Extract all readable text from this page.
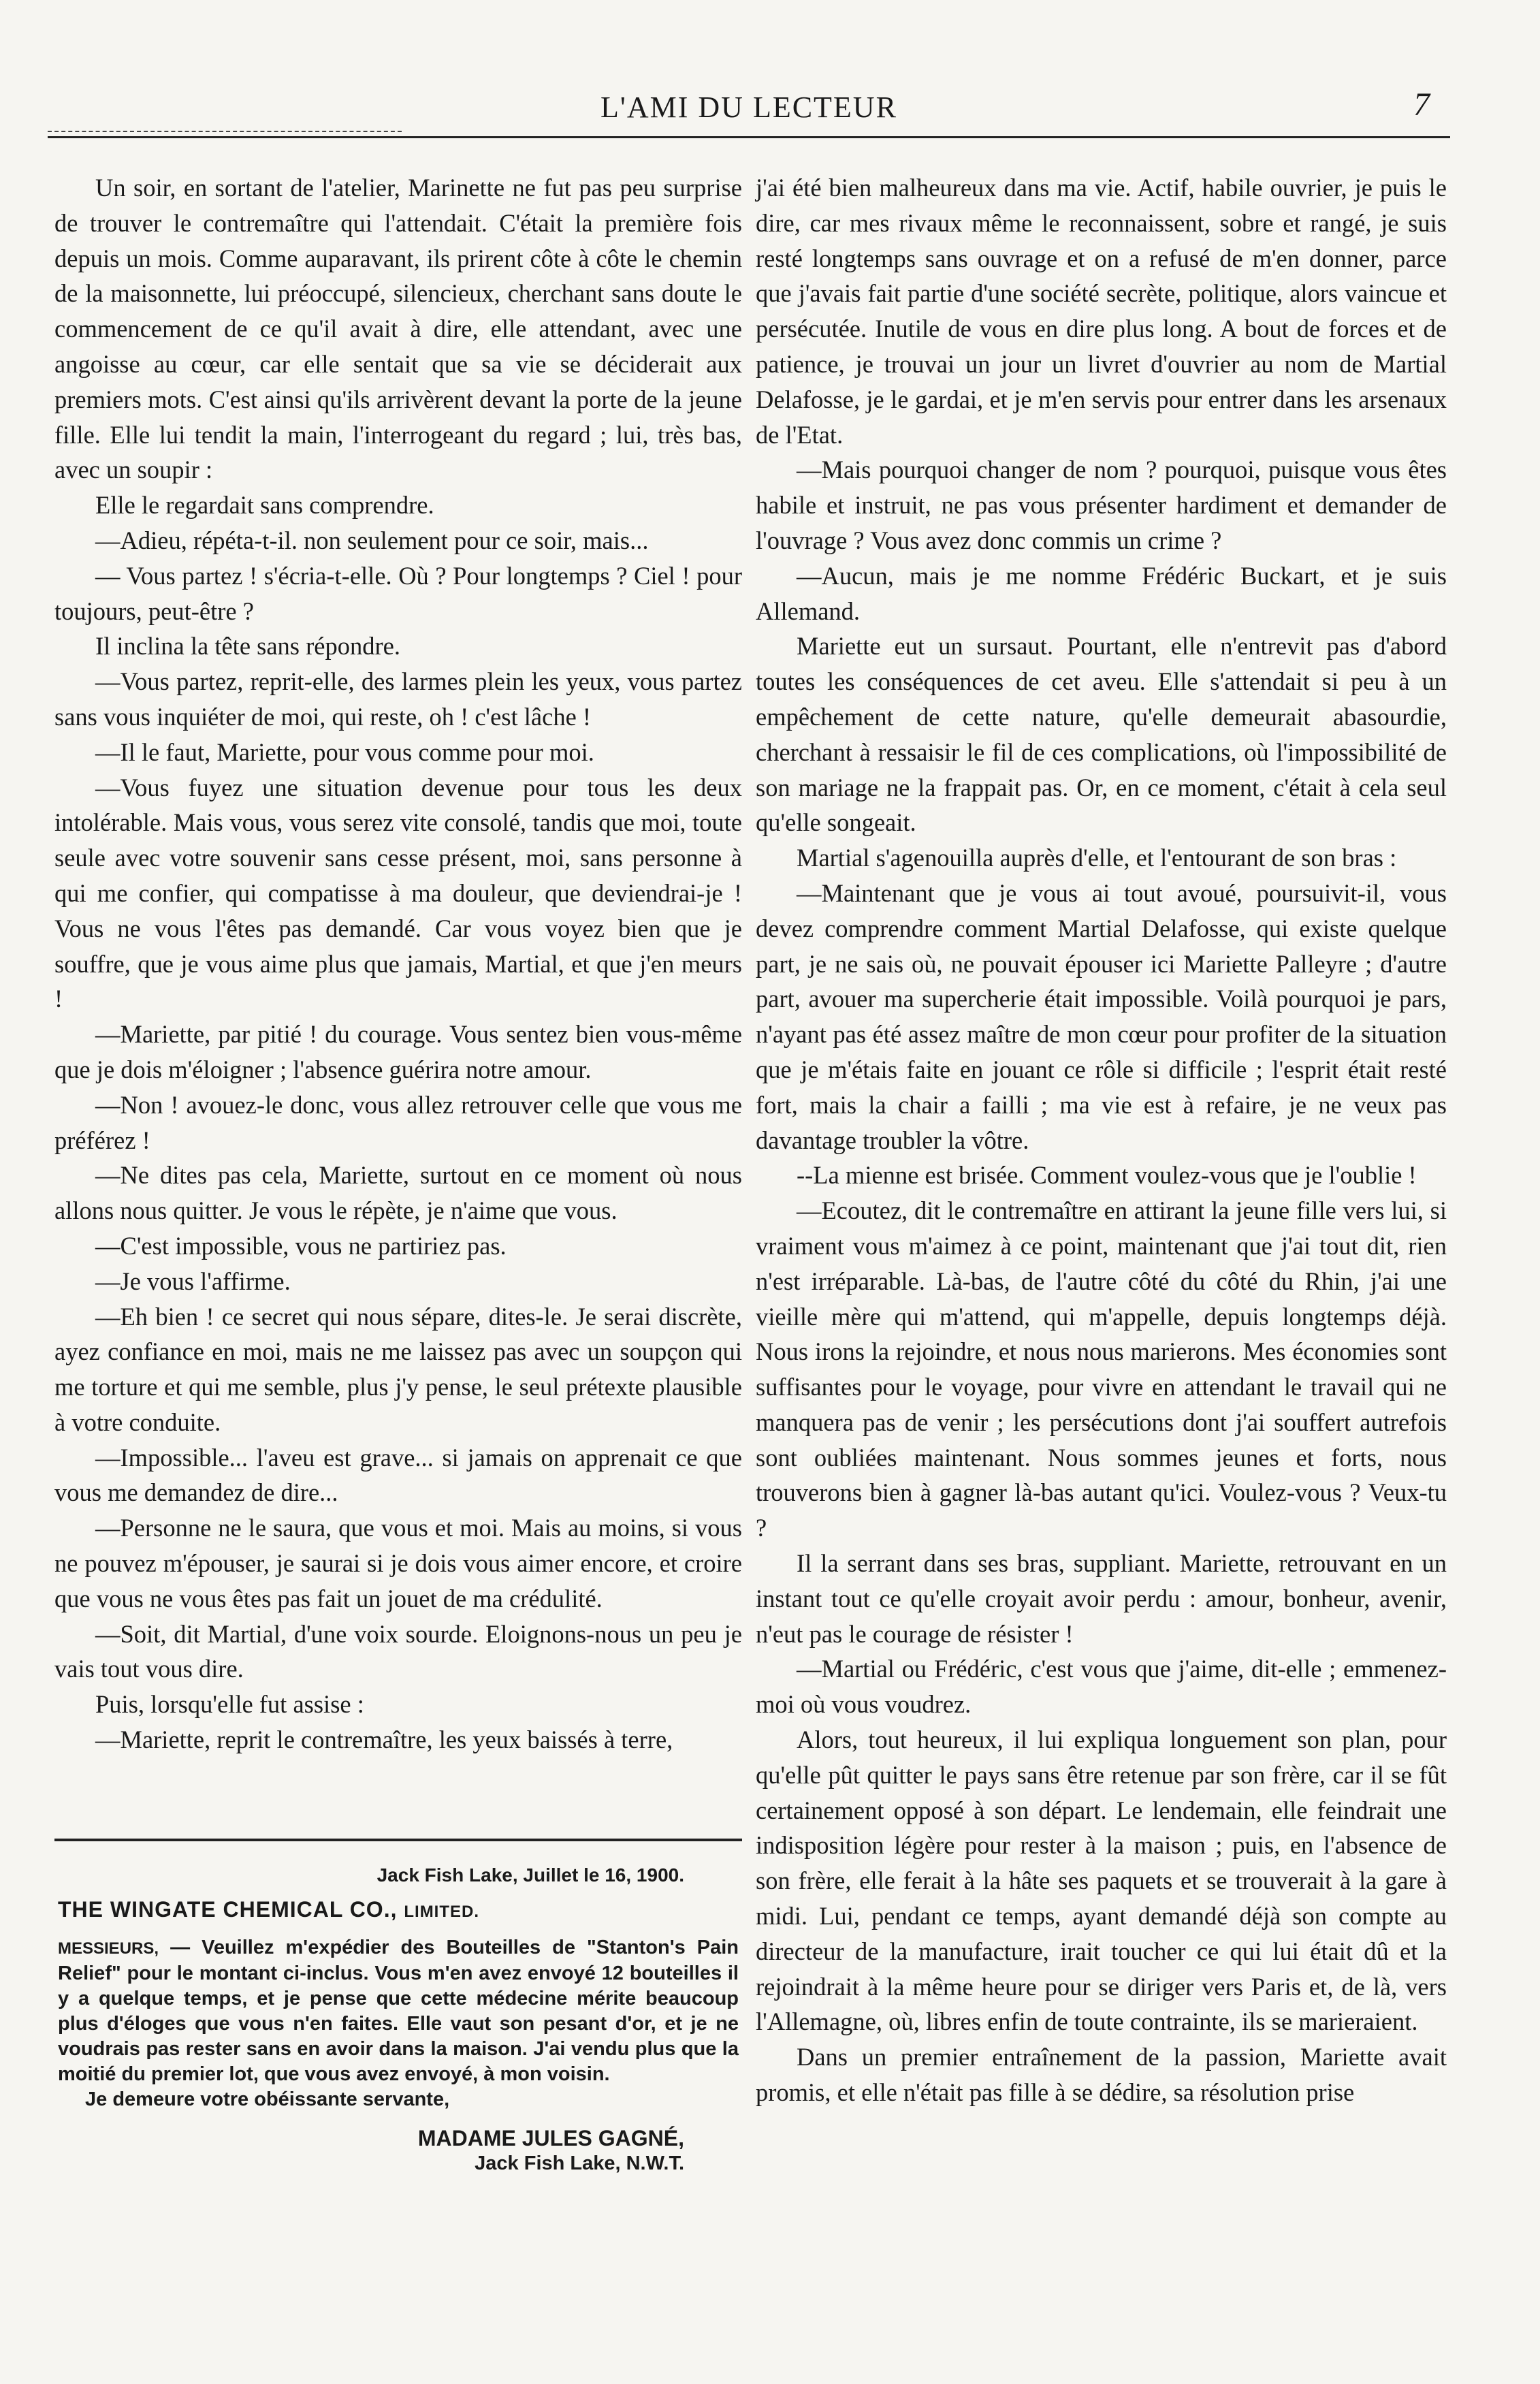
L'AMI DU LECTEUR	7

Un soir, en sortant de l'atelier, Marinette ne fut pas peu surprise de trouver le contremaître qui l'attendait. C'était la première fois depuis un mois. Comme auparavant, ils prirent côte à côte le chemin de la maisonnette, lui préoccupé, silencieux, cherchant sans doute le commencement de ce qu'il avait à dire, elle attendant, avec une angoisse au cœur, car elle sentait que sa vie se déciderait aux premiers mots. C'est ainsi qu'ils arrivèrent devant la porte de la jeune fille. Elle lui tendit la main, l'interrogeant du regard ; lui, très bas, avec un soupir :

Elle le regardait sans comprendre.

—Adieu, répéta-t-il. non seulement pour ce soir, mais...

— Vous partez ! s'écria-t-elle. Où ? Pour longtemps ? Ciel ! pour toujours, peut-être ?

Il inclina la tête sans répondre.

—Vous partez, reprit-elle, des larmes plein les yeux, vous partez sans vous inquiéter de moi, qui reste, oh ! c'est lâche !

—Il le faut, Mariette, pour vous comme pour moi.

—Vous fuyez une situation devenue pour tous les deux intolérable. Mais vous, vous serez vite consolé, tandis que moi, toute seule avec votre souvenir sans cesse présent, moi, sans personne à qui me confier, qui compatisse à ma douleur, que deviendrai-je ! Vous ne vous l'êtes pas demandé. Car vous voyez bien que je souffre, que je vous aime plus que jamais, Martial, et que j'en meurs !

—Mariette, par pitié ! du courage. Vous sentez bien vous-même que je dois m'éloigner ; l'absence guérira notre amour.

—Non ! avouez-le donc, vous allez retrouver celle que vous me préférez !

—Ne dites pas cela, Mariette, surtout en ce moment où nous allons nous quitter. Je vous le répète, je n'aime que vous.

—C'est impossible, vous ne partiriez pas.

—Je vous l'affirme.

—Eh bien ! ce secret qui nous sépare, dites-le. Je serai discrète, ayez confiance en moi, mais ne me laissez pas avec un soupçon qui me torture et qui me semble, plus j'y pense, le seul prétexte plausible à votre conduite.

—Impossible... l'aveu est grave... si jamais on apprenait ce que vous me demandez de dire...

—Personne ne le saura, que vous et moi. Mais au moins, si vous ne pouvez m'épouser, je saurai si je dois vous aimer encore, et croire que vous ne vous êtes pas fait un jouet de ma crédulité.

—Soit, dit Martial, d'une voix sourde. Eloignons-nous un peu je vais tout vous dire.

Puis, lorsqu'elle fut assise :

—Mariette, reprit le contremaître, les yeux baissés à terre,

j'ai été bien malheureux dans ma vie. Actif, habile ouvrier, je puis le dire, car mes rivaux même le reconnaissent, sobre et rangé, je suis resté longtemps sans ouvrage et on a refusé de m'en donner, parce que j'avais fait partie d'une société secrète, politique, alors vaincue et persécutée. Inutile de vous en dire plus long. A bout de forces et de patience, je trouvai un jour un livret d'ouvrier au nom de Martial Delafosse, je le gardai, et je m'en servis pour entrer dans les arsenaux de l'Etat.

—Mais pourquoi changer de nom ? pourquoi, puisque vous êtes habile et instruit, ne pas vous présenter hardiment et demander de l'ouvrage ? Vous avez donc commis un crime ?

—Aucun, mais je me nomme Frédéric Buckart, et je suis Allemand.

Mariette eut un sursaut. Pourtant, elle n'entrevit pas d'abord toutes les conséquences de cet aveu. Elle s'attendait si peu à un empêchement de cette nature, qu'elle demeurait abasourdie, cherchant à ressaisir le fil de ces complications, où l'impossibilité de son mariage ne la frappait pas. Or, en ce moment, c'était à cela seul qu'elle songeait.

Martial s'agenouilla auprès d'elle, et l'entourant de son bras :

—Maintenant que je vous ai tout avoué, poursuivit-il, vous devez comprendre comment Martial Delafosse, qui existe quelque part, je ne sais où, ne pouvait épouser ici Mariette Palleyre ; d'autre part, avouer ma supercherie était impossible. Voilà pourquoi je pars, n'ayant pas été assez maître de mon cœur pour profiter de la situation que je m'étais faite en jouant ce rôle si difficile ; l'esprit était resté fort, mais la chair a failli ; ma vie est à refaire, je ne veux pas davantage troubler la vôtre.

--La mienne est brisée. Comment voulez-vous que je l'oublie !

—Ecoutez, dit le contremaître en attirant la jeune fille vers lui, si vraiment vous m'aimez à ce point, maintenant que j'ai tout dit, rien n'est irréparable. Là-bas, de l'autre côté du côté du Rhin, j'ai une vieille mère qui m'attend, qui m'appelle, depuis longtemps déjà. Nous irons la rejoindre, et nous nous marierons. Mes économies sont suffisantes pour le voyage, pour vivre en attendant le travail qui ne manquera pas de venir ; les persécutions dont j'ai souffert autrefois sont oubliées maintenant. Nous sommes jeunes et forts, nous trouverons bien à gagner là-bas autant qu'ici. Voulez-vous ? Veux-tu ?

Il la serrant dans ses bras, suppliant. Mariette, retrouvant en un instant tout ce qu'elle croyait avoir perdu : amour, bonheur, avenir, n'eut pas le courage de résister !

—Martial ou Frédéric, c'est vous que j'aime, dit-elle ; emmenez-moi où vous voudrez.

Alors, tout heureux, il lui expliqua longuement son plan, pour qu'elle pût quitter le pays sans être retenue par son frère, car il se fût certainement opposé à son départ. Le lendemain, elle feindrait une indisposition légère pour rester à la maison ; puis, en l'absence de son frère, elle ferait à la hâte ses paquets et se trouverait à la gare à midi. Lui, pendant ce temps, ayant demandé déjà son compte au directeur de la manufacture, irait toucher ce qui lui était dû et la rejoindrait à la même heure pour se diriger vers Paris et, de là, vers l'Allemagne, où, libres enfin de toute contrainte, ils se marieraient.

Dans un premier entraînement de la passion, Mariette avait promis, et elle n'était pas fille à se dédire, sa résolution prise

Jack Fish Lake, Juillet le 16, 1900.
THE WINGATE CHEMICAL CO., LIMITED.
MESSIEURS, — Veuillez m'expédier des Bouteilles de "Stanton's Pain Relief" pour le montant ci-inclus. Vous m'en avez envoyé 12 bouteilles il y a quelque temps, et je pense que cette médecine mérite beaucoup plus d'éloges que vous n'en faites. Elle vaut son pesant d'or, et je ne voudrais pas rester sans en avoir dans la maison. J'ai vendu plus que la moitié du premier lot, que vous avez envoyé, à mon voisin.
Je demeure votre obéissante servante,
MADAME JULES GAGNÉ,
Jack Fish Lake, N.W.T.
